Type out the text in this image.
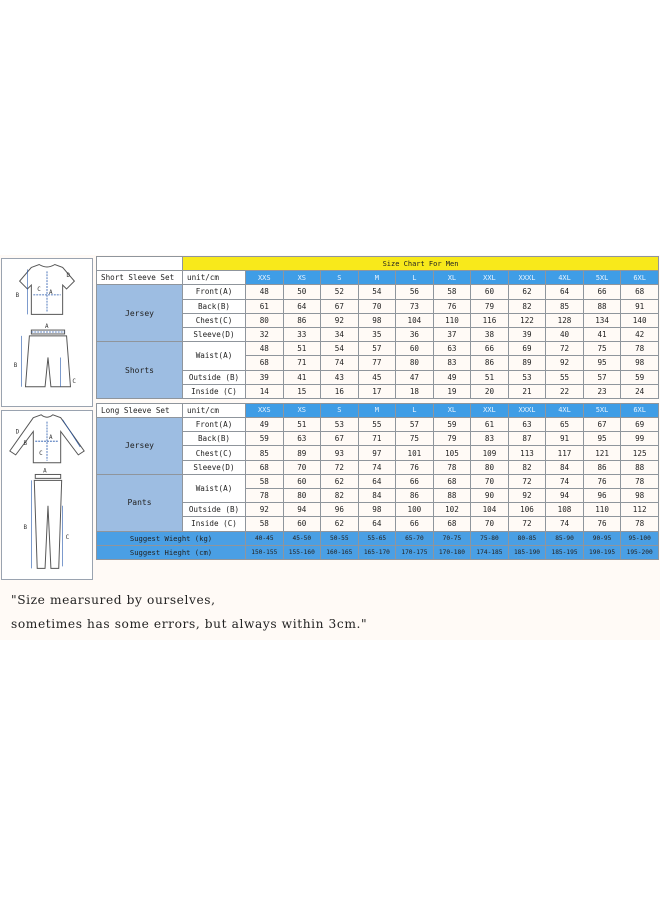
A
B
C
D
A
B
C
A
B
C
D
A
B
C
	Size Chart For Men											
Short Sleeve Set	unit/cm	XXS	XS	S	M	L	XL	XXL	XXXL	4XL	5XL	6XL
Jersey	Front(A)	48	50	52	54	56	58	60	62	64	66	68
	Back(B)	61	64	67	70	73	76	79	82	85	88	91
	Chest(C)	80	86	92	98	104	110	116	122	128	134	140
	Sleeve(D)	32	33	34	35	36	37	38	39	40	41	42
Shorts	Waist(A)	48	51	54	57	60	63	66	69	72	75	78
		68	71	74	77	80	83	86	89	92	95	98
	Outside (B)	39	41	43	45	47	49	51	53	55	57	59
	Inside (C)	14	15	16	17	18	19	20	21	22	23	24

Long Sleeve Set	unit/cm	XXS	XS	S	M	L	XL	XXL	XXXL	4XL	5XL	6XL
Jersey	Front(A)	49	51	53	55	57	59	61	63	65	67	69
	Back(B)	59	63	67	71	75	79	83	87	91	95	99
	Chest(C)	85	89	93	97	101	105	109	113	117	121	125
	Sleeve(D)	68	70	72	74	76	78	80	82	84	86	88
Pants	Waist(A)	58	60	62	64	66	68	70	72	74	76	78
		78	80	82	84	86	88	90	92	94	96	98
	Outside (B)	92	94	96	98	100	102	104	106	108	110	112
	Inside (C)	58	60	62	64	66	68	70	72	74	76	78
Suggest Wieght (kg)		40-45	45-50	50-55	55-65	65-70	70-75	75-80	80-85	85-90	90-95	95-100
Suggest Hieght (cm)		150-155	155-160	160-165	165-170	170-175	170-180	174-185	185-190	185-195	190-195	195-200
"Size mearsured by ourselves,
sometimes has some errors, but always within 3cm."
